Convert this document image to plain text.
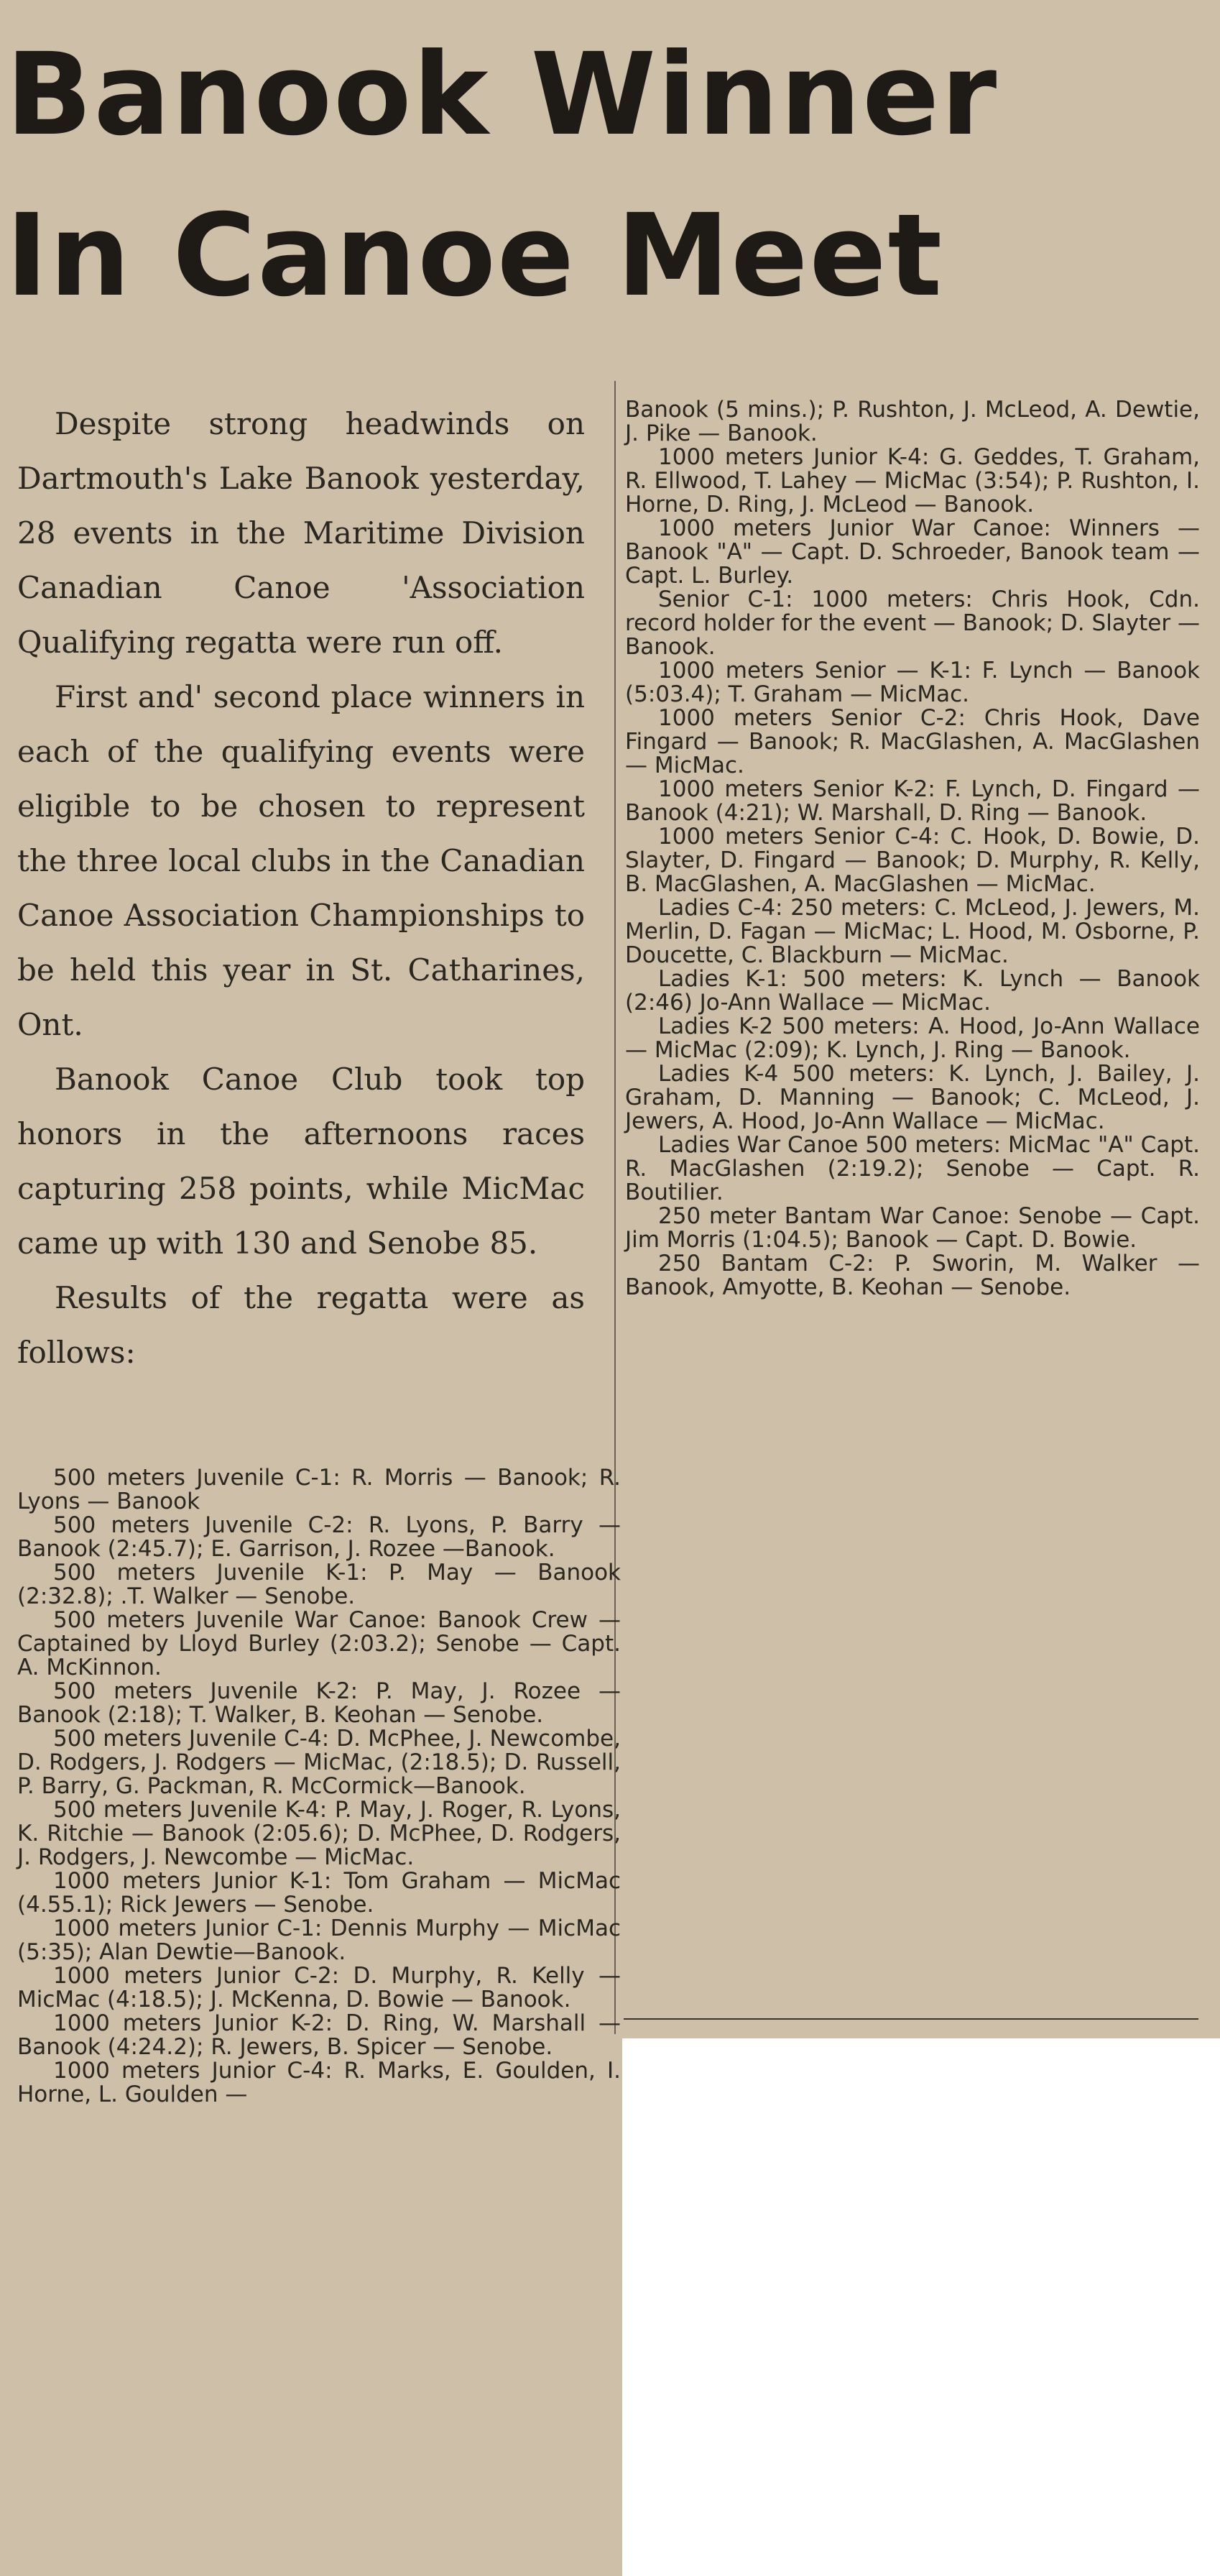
Banook Winner
In Canoe Meet

Despite strong headwinds on Dartmouth's Lake Banook yesterday, 28 events in the Maritime Division Canadian Canoe 'Association Qualifying regatta were run off.

First and' second place winners in each of the qualifying events were eligible to be chosen to represent the three local clubs in the Canadian Canoe Association Championships to be held this year in St. Catharines, Ont.

Banook Canoe Club took top honors in the afternoons races capturing 258 points, while MicMac came up with 130 and Senobe 85.

Results of the regatta were as follows:

500 meters Juvenile C-1: R. Morris — Banook; R. Lyons — Banook

500 meters Juvenile C-2: R. Lyons, P. Barry — Banook (2:45.7); E. Garrison, J. Rozee —Banook.

500 meters Juvenile K-1: P. May — Banook (2:32.8); .T. Walker — Senobe.

500 meters Juvenile War Canoe: Banook Crew — Captained by Lloyd Burley (2:03.2); Senobe — Capt. A. McKinnon.

500 meters Juvenile K-2: P. May, J. Rozee — Banook (2:18); T. Walker, B. Keohan — Senobe.

500 meters Juvenile C-4: D. McPhee, J. Newcombe, D. Rodgers, J. Rodgers — MicMac, (2:18.5); D. Russell, P. Barry, G. Packman, R. McCormick—Banook.

500 meters Juvenile K-4: P. May, J. Roger, R. Lyons, K. Ritchie — Banook (2:05.6); D. McPhee, D. Rodgers, J. Rodgers, J. Newcombe — MicMac.

1000 meters Junior K-1: Tom Graham — MicMac (4.55.1); Rick Jewers — Senobe.

1000 meters Junior C-1: Dennis Murphy — MicMac (5:35); Alan Dewtie—Banook.

1000 meters Junior C-2: D. Murphy, R. Kelly — MicMac (4:18.5); J. McKenna, D. Bowie — Banook.

1000 meters Junior K-2: D. Ring, W. Marshall — Banook (4:24.2); R. Jewers, B. Spicer — Senobe.

1000 meters Junior C-4: R. Marks, E. Goulden, I. Horne, L. Goulden —

Banook (5 mins.); P. Rushton, J. McLeod, A. Dewtie, J. Pike — Banook.

1000 meters Junior K-4: G. Geddes, T. Graham, R. Ellwood, T. Lahey — MicMac (3:54); P. Rushton, I. Horne, D. Ring, J. McLeod — Banook.

1000 meters Junior War Canoe: Winners — Banook "A" — Capt. D. Schroeder, Banook team — Capt. L. Burley.

Senior C-1: 1000 meters: Chris Hook, Cdn. record holder for the event — Banook; D. Slayter — Banook.

1000 meters Senior — K-1: F. Lynch — Banook (5:03.4); T. Graham — MicMac.

1000 meters Senior C-2: Chris Hook, Dave Fingard — Banook; R. MacGlashen, A. MacGlashen — MicMac.

1000 meters Senior K-2: F. Lynch, D. Fingard — Banook (4:21); W. Marshall, D. Ring — Banook.

1000 meters Senior C-4: C. Hook, D. Bowie, D. Slayter, D. Fingard — Banook; D. Murphy, R. Kelly, B. MacGlashen, A. MacGlashen — MicMac.

Ladies C-4: 250 meters: C. McLeod, J. Jewers, M. Merlin, D. Fagan — MicMac; L. Hood, M. Osborne, P. Doucette, C. Blackburn — MicMac.

Ladies K-1: 500 meters: K. Lynch — Banook (2:46) Jo-Ann Wallace — MicMac.

Ladies K-2 500 meters: A. Hood, Jo-Ann Wallace — MicMac (2:09); K. Lynch, J. Ring — Banook.

Ladies K-4 500 meters: K. Lynch, J. Bailey, J. Graham, D. Manning — Banook; C. McLeod, J. Jewers, A. Hood, Jo-Ann Wallace — MicMac.

Ladies War Canoe 500 meters: MicMac "A" Capt. R. MacGlashen (2:19.2); Senobe — Capt. R. Boutilier.

250 meter Bantam War Canoe: Senobe — Capt. Jim Morris (1:04.5); Banook — Capt. D. Bowie.

250 Bantam C-2: P. Sworin, M. Walker — Banook, Amyotte, B. Keohan — Senobe.
